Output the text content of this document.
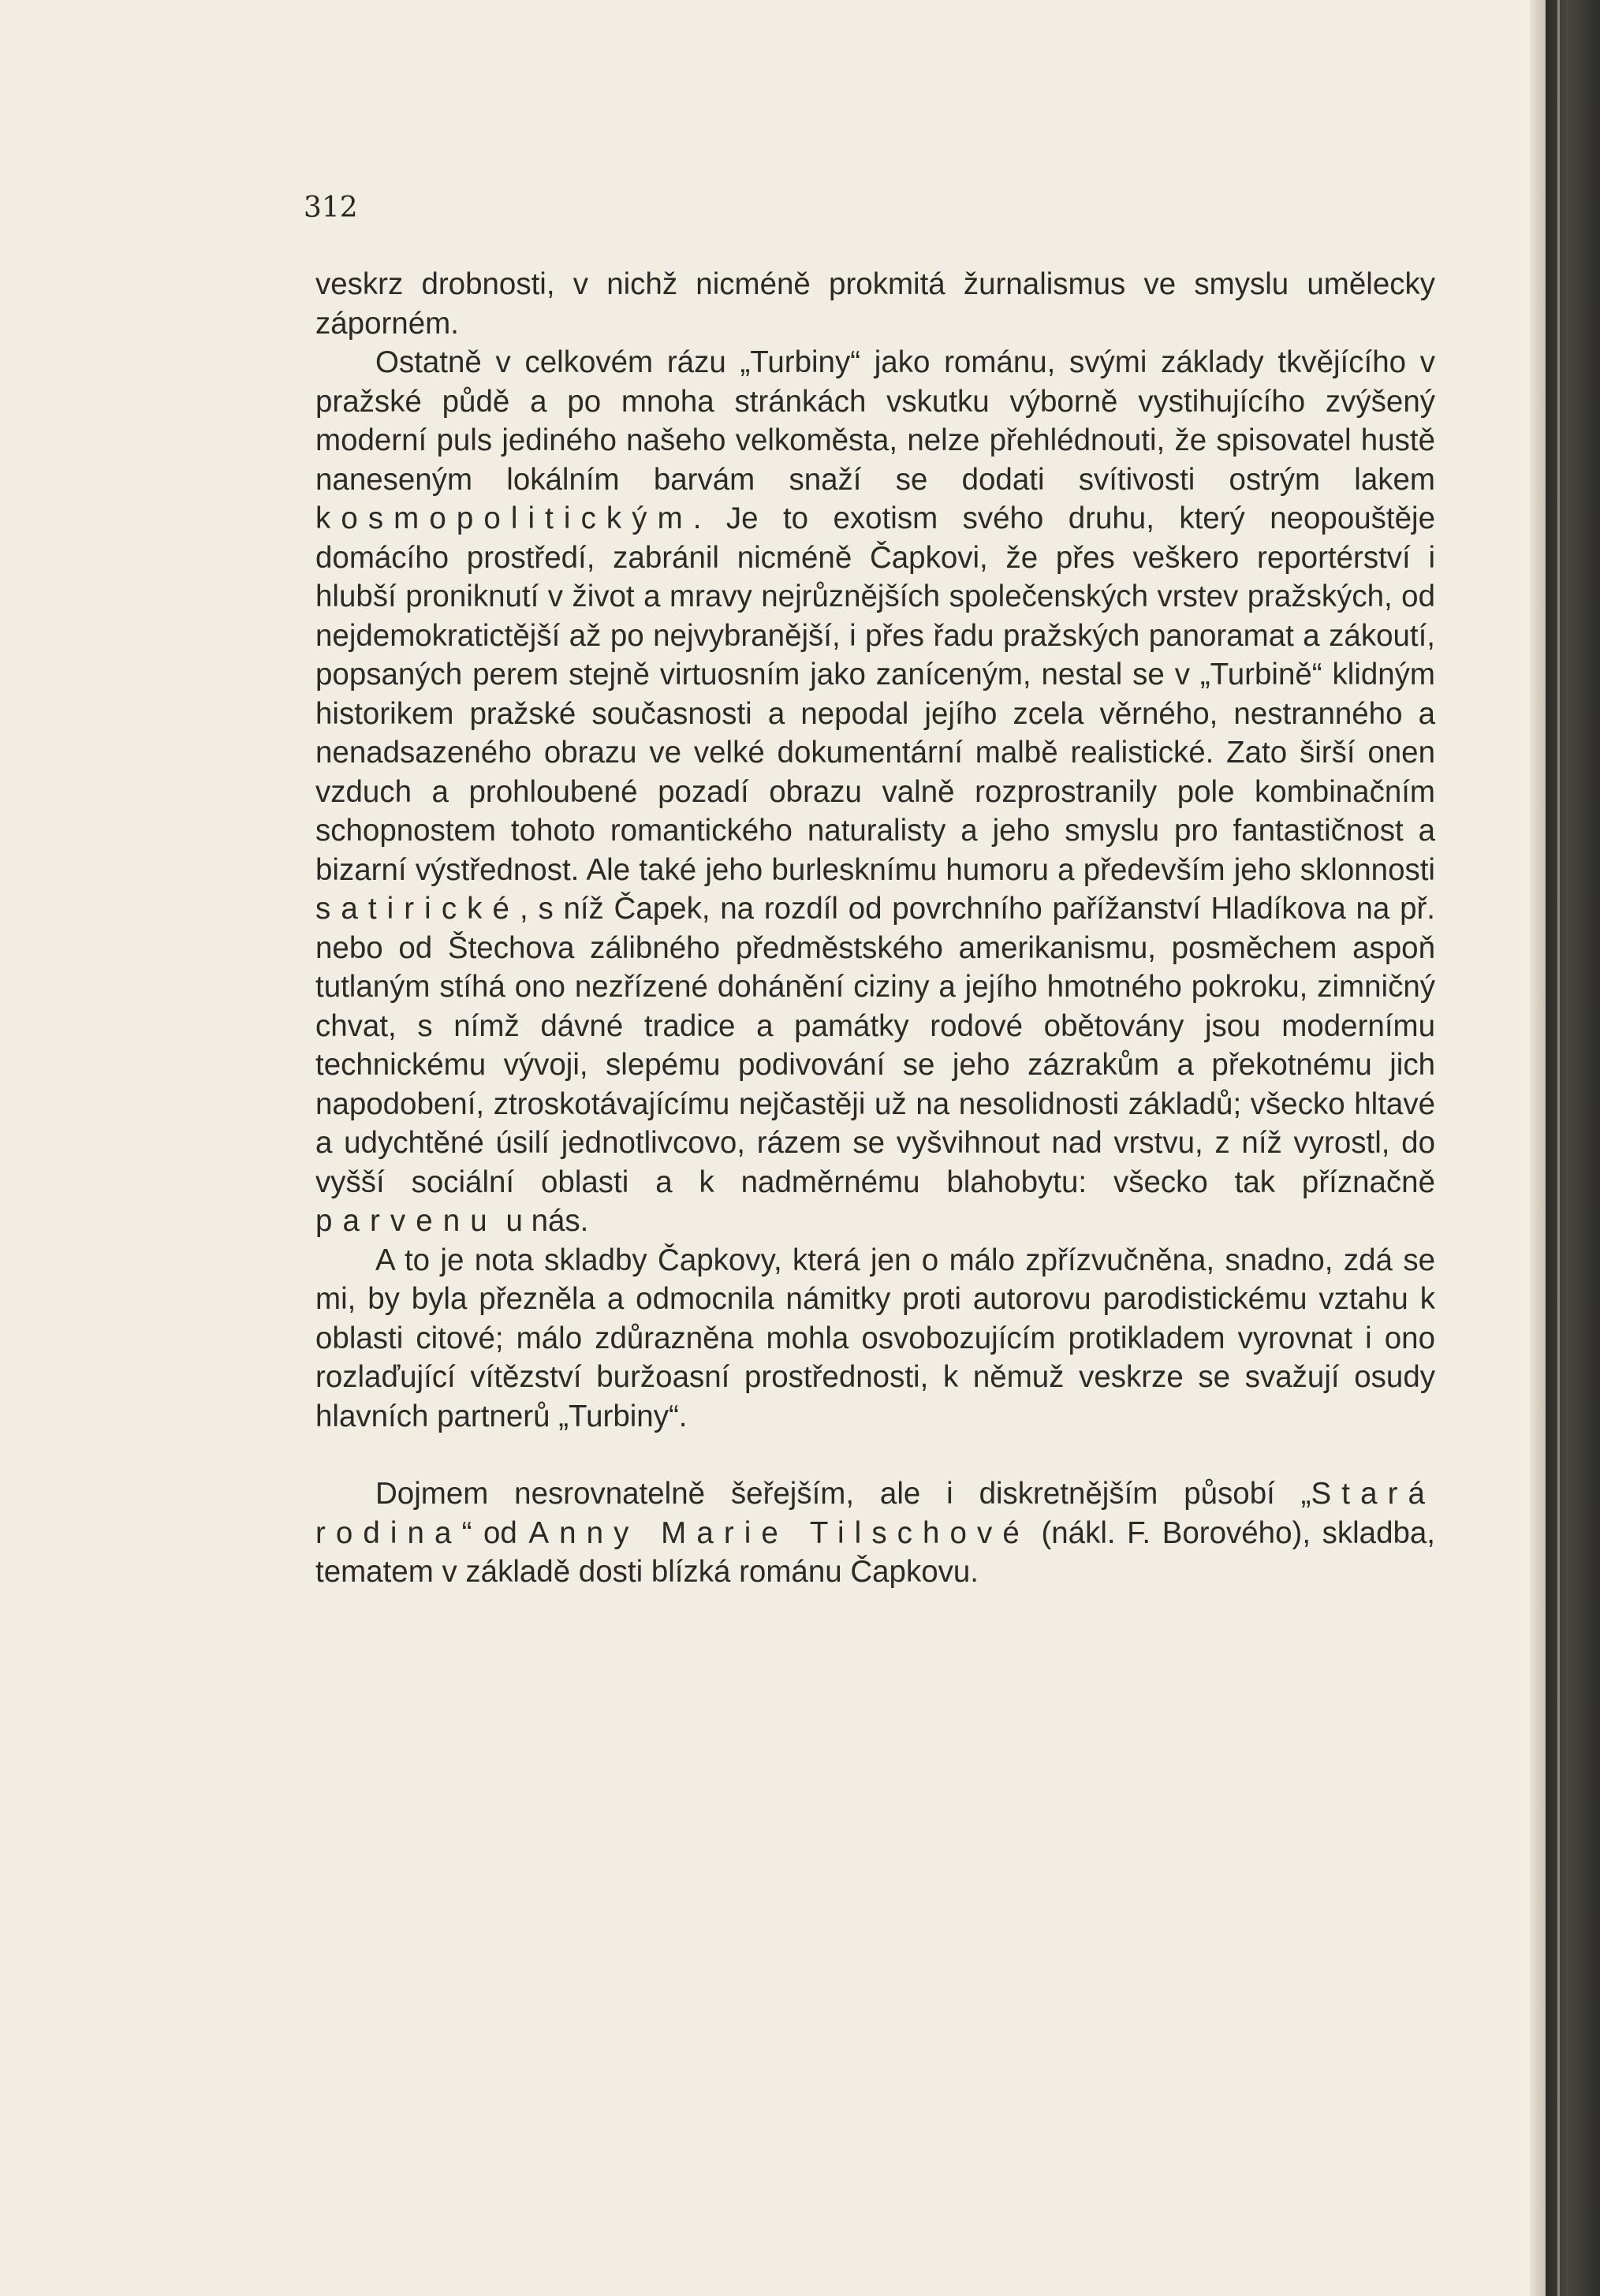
312

veskrz drobnosti, v nichž nicméně prokmitá žurnalismus ve smyslu umělecky záporném.

Ostatně v celkovém rázu „Turbiny“ jako románu, svými základy tkvějícího v pražské půdě a po mnoha stránkách vskutku výborně vystihujícího zvýšený moderní puls jediného našeho velkoměsta, nelze přehlédnouti, že spisovatel hustě naneseným lokálním barvám snaží se dodati svítivosti ostrým lakem kosmopolitickým. Je to exotism svého druhu, který neopouštěje domácího prostředí, zabránil nicméně Čapkovi, že přes veškero reportérství i hlubší proniknutí v život a mravy nejrůznějších společenských vrstev pražských, od nejdemokratictější až po nejvybranější, i přes řadu pražských panoramat a zákoutí, popsaných perem stejně virtuosním jako zaníceným, nestal se v „Turbině“ klidným historikem pražské současnosti a nepodal jejího zcela věrného, nestranného a nenadsazeného obrazu ve velké dokumentární malbě realistické. Zato širší onen vzduch a prohloubené pozadí obrazu valně rozprostranily pole kombinačním schopnostem tohoto romantického naturalisty a jeho smyslu pro fantastičnost a bizarní výstřednost. Ale také jeho burlesknímu humoru a především jeho sklonnosti satirické, s níž Čapek, na rozdíl od povrchního pařížanství Hladíkova na př. nebo od Štechova zálibného předměstského amerikanismu, posměchem aspoň tutlaným stíhá ono nezřízené dohánění ciziny a jejího hmotného pokroku, zimničný chvat, s nímž dávné tradice a památky rodové obětovány jsou modernímu technickému vývoji, slepému podivování se jeho zázrakům a překotnému jich napodobení, ztroskotávajícímu nejčastěji už na nesolidnosti základů; všecko hltavé a udychtěné úsilí jednotlivcovo, rázem se vyšvihnout nad vrstvu, z níž vyrostl, do vyšší sociální oblasti a k nadměrnému blahobytu: všecko tak příznačně parvenu u nás.

A to je nota skladby Čapkovy, která jen o málo zpřízvučněna, snadno, zdá se mi, by byla přezněla a odmocnila námitky proti autorovu parodistickému vztahu k oblasti citové; málo zdůrazněna mohla osvobozujícím protikladem vyrovnat i ono rozlaďující vítězství buržoasní prostřednosti, k němuž veskrze se svažují osudy hlavních partnerů „Turbiny“.

Dojmem nesrovnatelně šeřejším, ale i diskretnějším působí „Stará rodina“ od Anny Marie Tilschové (nákl. F. Borového), skladba, tematem v základě dosti blízká románu Čapkovu.
